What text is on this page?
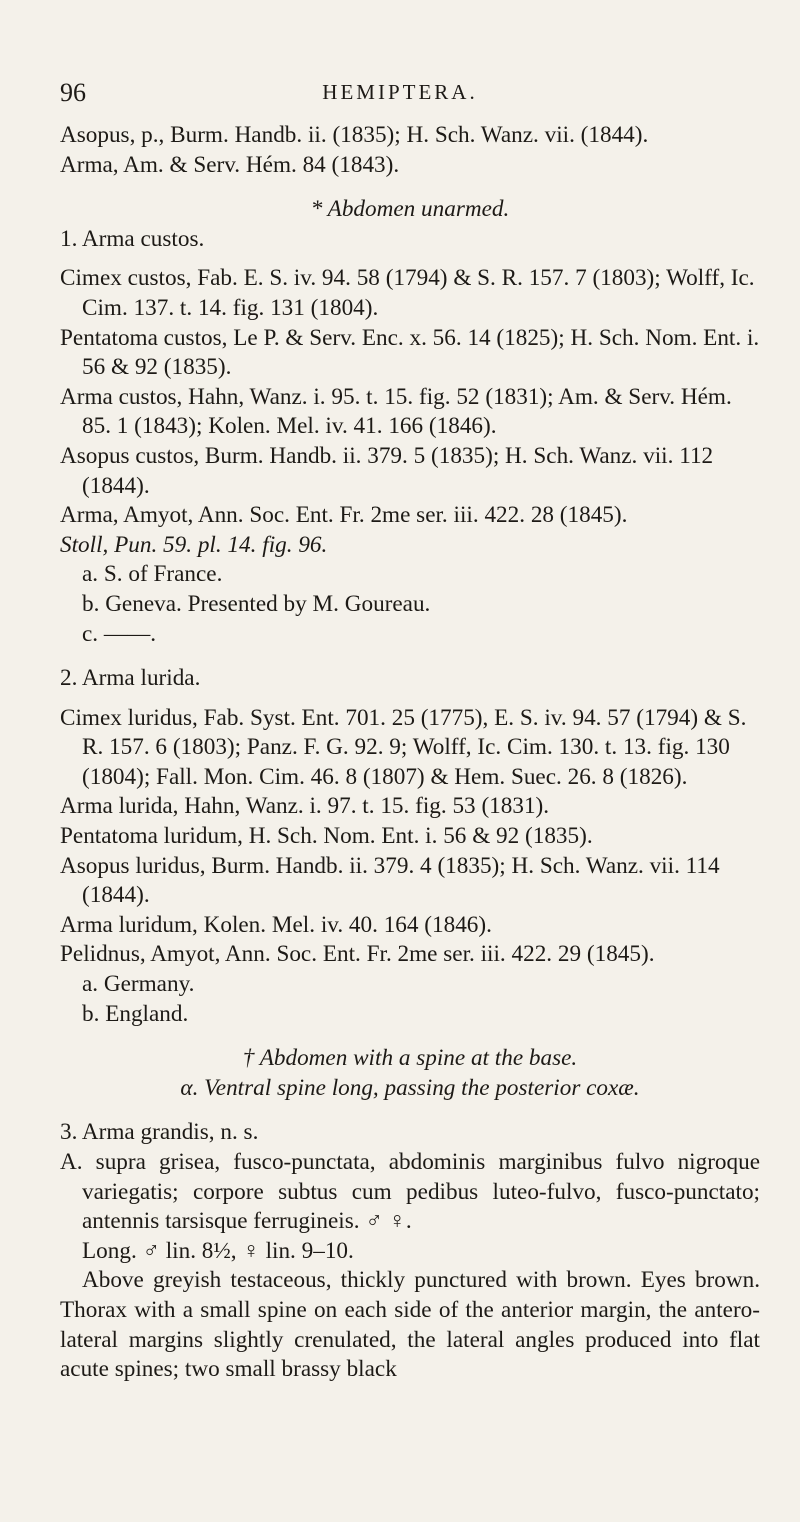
96	HEMIPTERA.

Asopus, p., Burm. Handb. ii. (1835); H. Sch. Wanz. vii. (1844).

Arma, Am. & Serv. Hém. 84 (1843).

* Abdomen unarmed.

1. Arma custos.

Cimex custos, Fab. E. S. iv. 94. 58 (1794) & S. R. 157. 7 (1803); Wolff, Ic. Cim. 137. t. 14. fig. 131 (1804).

Pentatoma custos, Le P. & Serv. Enc. x. 56. 14 (1825); H. Sch. Nom. Ent. i. 56 & 92 (1835).

Arma custos, Hahn, Wanz. i. 95. t. 15. fig. 52 (1831); Am. & Serv. Hém. 85. 1 (1843); Kolen. Mel. iv. 41. 166 (1846).

Asopus custos, Burm. Handb. ii. 379. 5 (1835); H. Sch. Wanz. vii. 112 (1844).

Arma, Amyot, Ann. Soc. Ent. Fr. 2me ser. iii. 422. 28 (1845).

Stoll, Pun. 59. pl. 14. fig. 96.

a. S. of France.

b. Geneva. Presented by M. Goureau.

c. ——.

2. Arma lurida.

Cimex luridus, Fab. Syst. Ent. 701. 25 (1775), E. S. iv. 94. 57 (1794) & S. R. 157. 6 (1803); Panz. F. G. 92. 9; Wolff, Ic. Cim. 130. t. 13. fig. 130 (1804); Fall. Mon. Cim. 46. 8 (1807) & Hem. Suec. 26. 8 (1826).

Arma lurida, Hahn, Wanz. i. 97. t. 15. fig. 53 (1831).

Pentatoma luridum, H. Sch. Nom. Ent. i. 56 & 92 (1835).

Asopus luridus, Burm. Handb. ii. 379. 4 (1835); H. Sch. Wanz. vii. 114 (1844).

Arma luridum, Kolen. Mel. iv. 40. 164 (1846).

Pelidnus, Amyot, Ann. Soc. Ent. Fr. 2me ser. iii. 422. 29 (1845).

a. Germany.

b. England.

† Abdomen with a spine at the base.

α. Ventral spine long, passing the posterior coxæ.

3. Arma grandis, n. s.

A. supra grisea, fusco-punctata, abdominis marginibus fulvo nigroque variegatis; corpore subtus cum pedibus luteo-fulvo, fusco-punctato; antennis tarsisque ferrugineis. ♂ ♀.

Long. ♂ lin. 8½, ♀ lin. 9–10.

Above greyish testaceous, thickly punctured with brown. Eyes brown. Thorax with a small spine on each side of the anterior margin, the antero-lateral margins slightly crenulated, the lateral angles produced into flat acute spines; two small brassy black
